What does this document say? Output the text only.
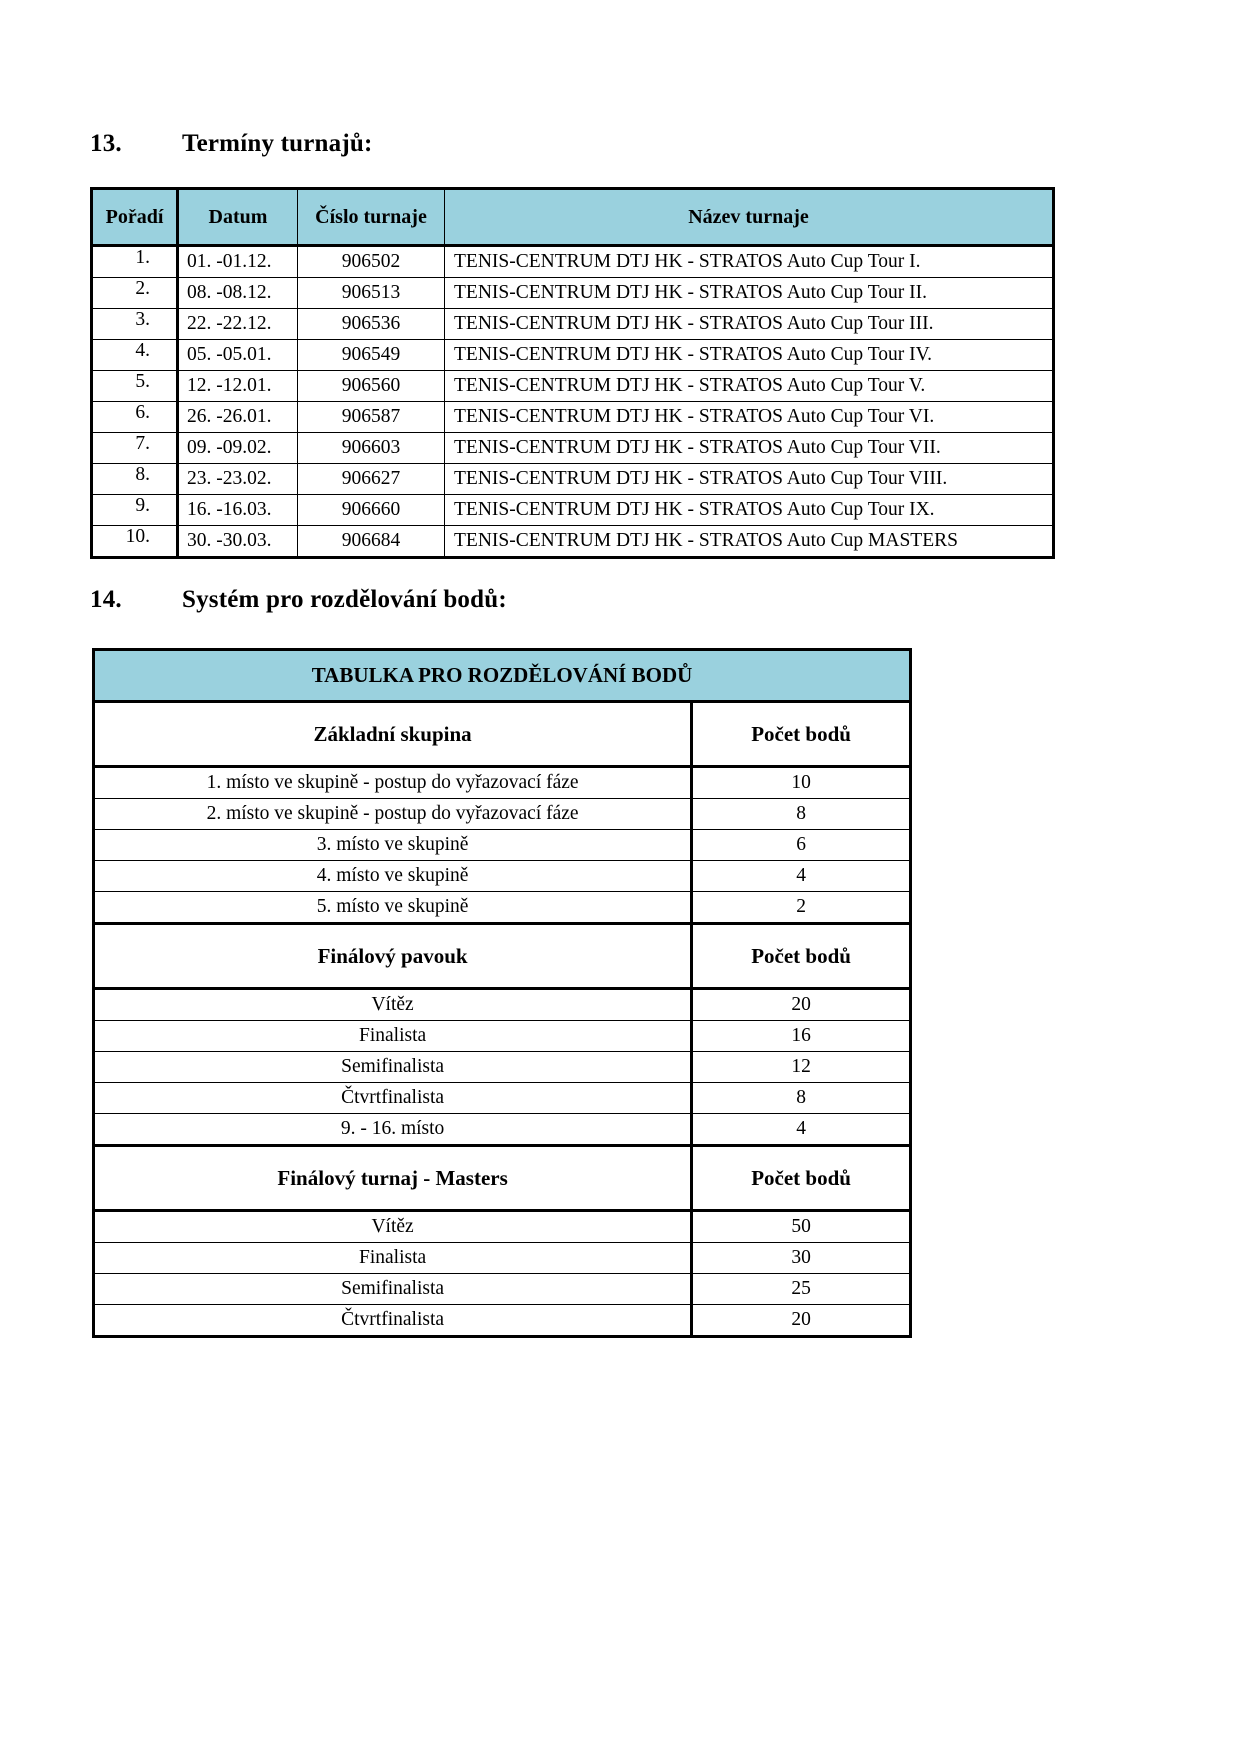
13. Termíny turnajů:
Pořadí	Datum	Číslo turnaje	Název turnaje
1.	01. -01.12.	906502	TENIS-CENTRUM DTJ HK - STRATOS Auto Cup Tour I.
2.	08. -08.12.	906513	TENIS-CENTRUM DTJ HK - STRATOS Auto Cup Tour II.
3.	22. -22.12.	906536	TENIS-CENTRUM DTJ HK - STRATOS Auto Cup Tour III.
4.	05. -05.01.	906549	TENIS-CENTRUM DTJ HK - STRATOS Auto Cup Tour IV.
5.	12. -12.01.	906560	TENIS-CENTRUM DTJ HK - STRATOS Auto Cup Tour V.
6.	26. -26.01.	906587	TENIS-CENTRUM DTJ HK - STRATOS Auto Cup Tour VI.
7.	09. -09.02.	906603	TENIS-CENTRUM DTJ HK - STRATOS Auto Cup Tour VII.
8.	23. -23.02.	906627	TENIS-CENTRUM DTJ HK - STRATOS Auto Cup Tour VIII.
9.	16. -16.03.	906660	TENIS-CENTRUM DTJ HK - STRATOS Auto Cup Tour IX.
10.	30. -30.03.	906684	TENIS-CENTRUM DTJ HK - STRATOS Auto Cup MASTERS
14. Systém pro rozdělování bodů:
TABULKA PRO ROZDĚLOVÁNÍ BODŮ	
Základní skupina	Počet bodů
1. místo ve skupině - postup do vyřazovací fáze	10
2. místo ve skupině - postup do vyřazovací fáze	8
3. místo ve skupině	6
4. místo ve skupině	4
5. místo ve skupině	2
Finálový pavouk	Počet bodů
Vítěz	20
Finalista	16
Semifinalista	12
Čtvrtfinalista	8
9. - 16. místo	4
Finálový turnaj - Masters	Počet bodů
Vítěz	50
Finalista	30
Semifinalista	25
Čtvrtfinalista	20
